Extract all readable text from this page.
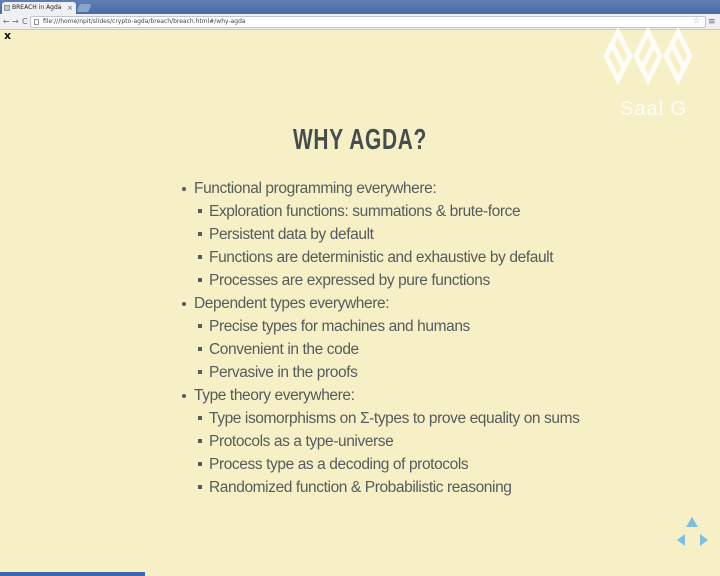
BREACH in Agda ×
← → C	file:///home/npit/slides/crypto-agda/breach/breach.html#/why-agda	☆ ≡
x
Saal G
WHY AGDA?
Functional programming everywhere:
Exploration functions: summations & brute-force
Persistent data by default
Functions are deterministic and exhaustive by default
Processes are expressed by pure functions
Dependent types everywhere:
Precise types for machines and humans
Convenient in the code
Pervasive in the proofs
Type theory everywhere:
Type isomorphisms on Σ-types to prove equality on sums
Protocols as a type-universe
Process type as a decoding of protocols
Randomized function & Probabilistic reasoning
